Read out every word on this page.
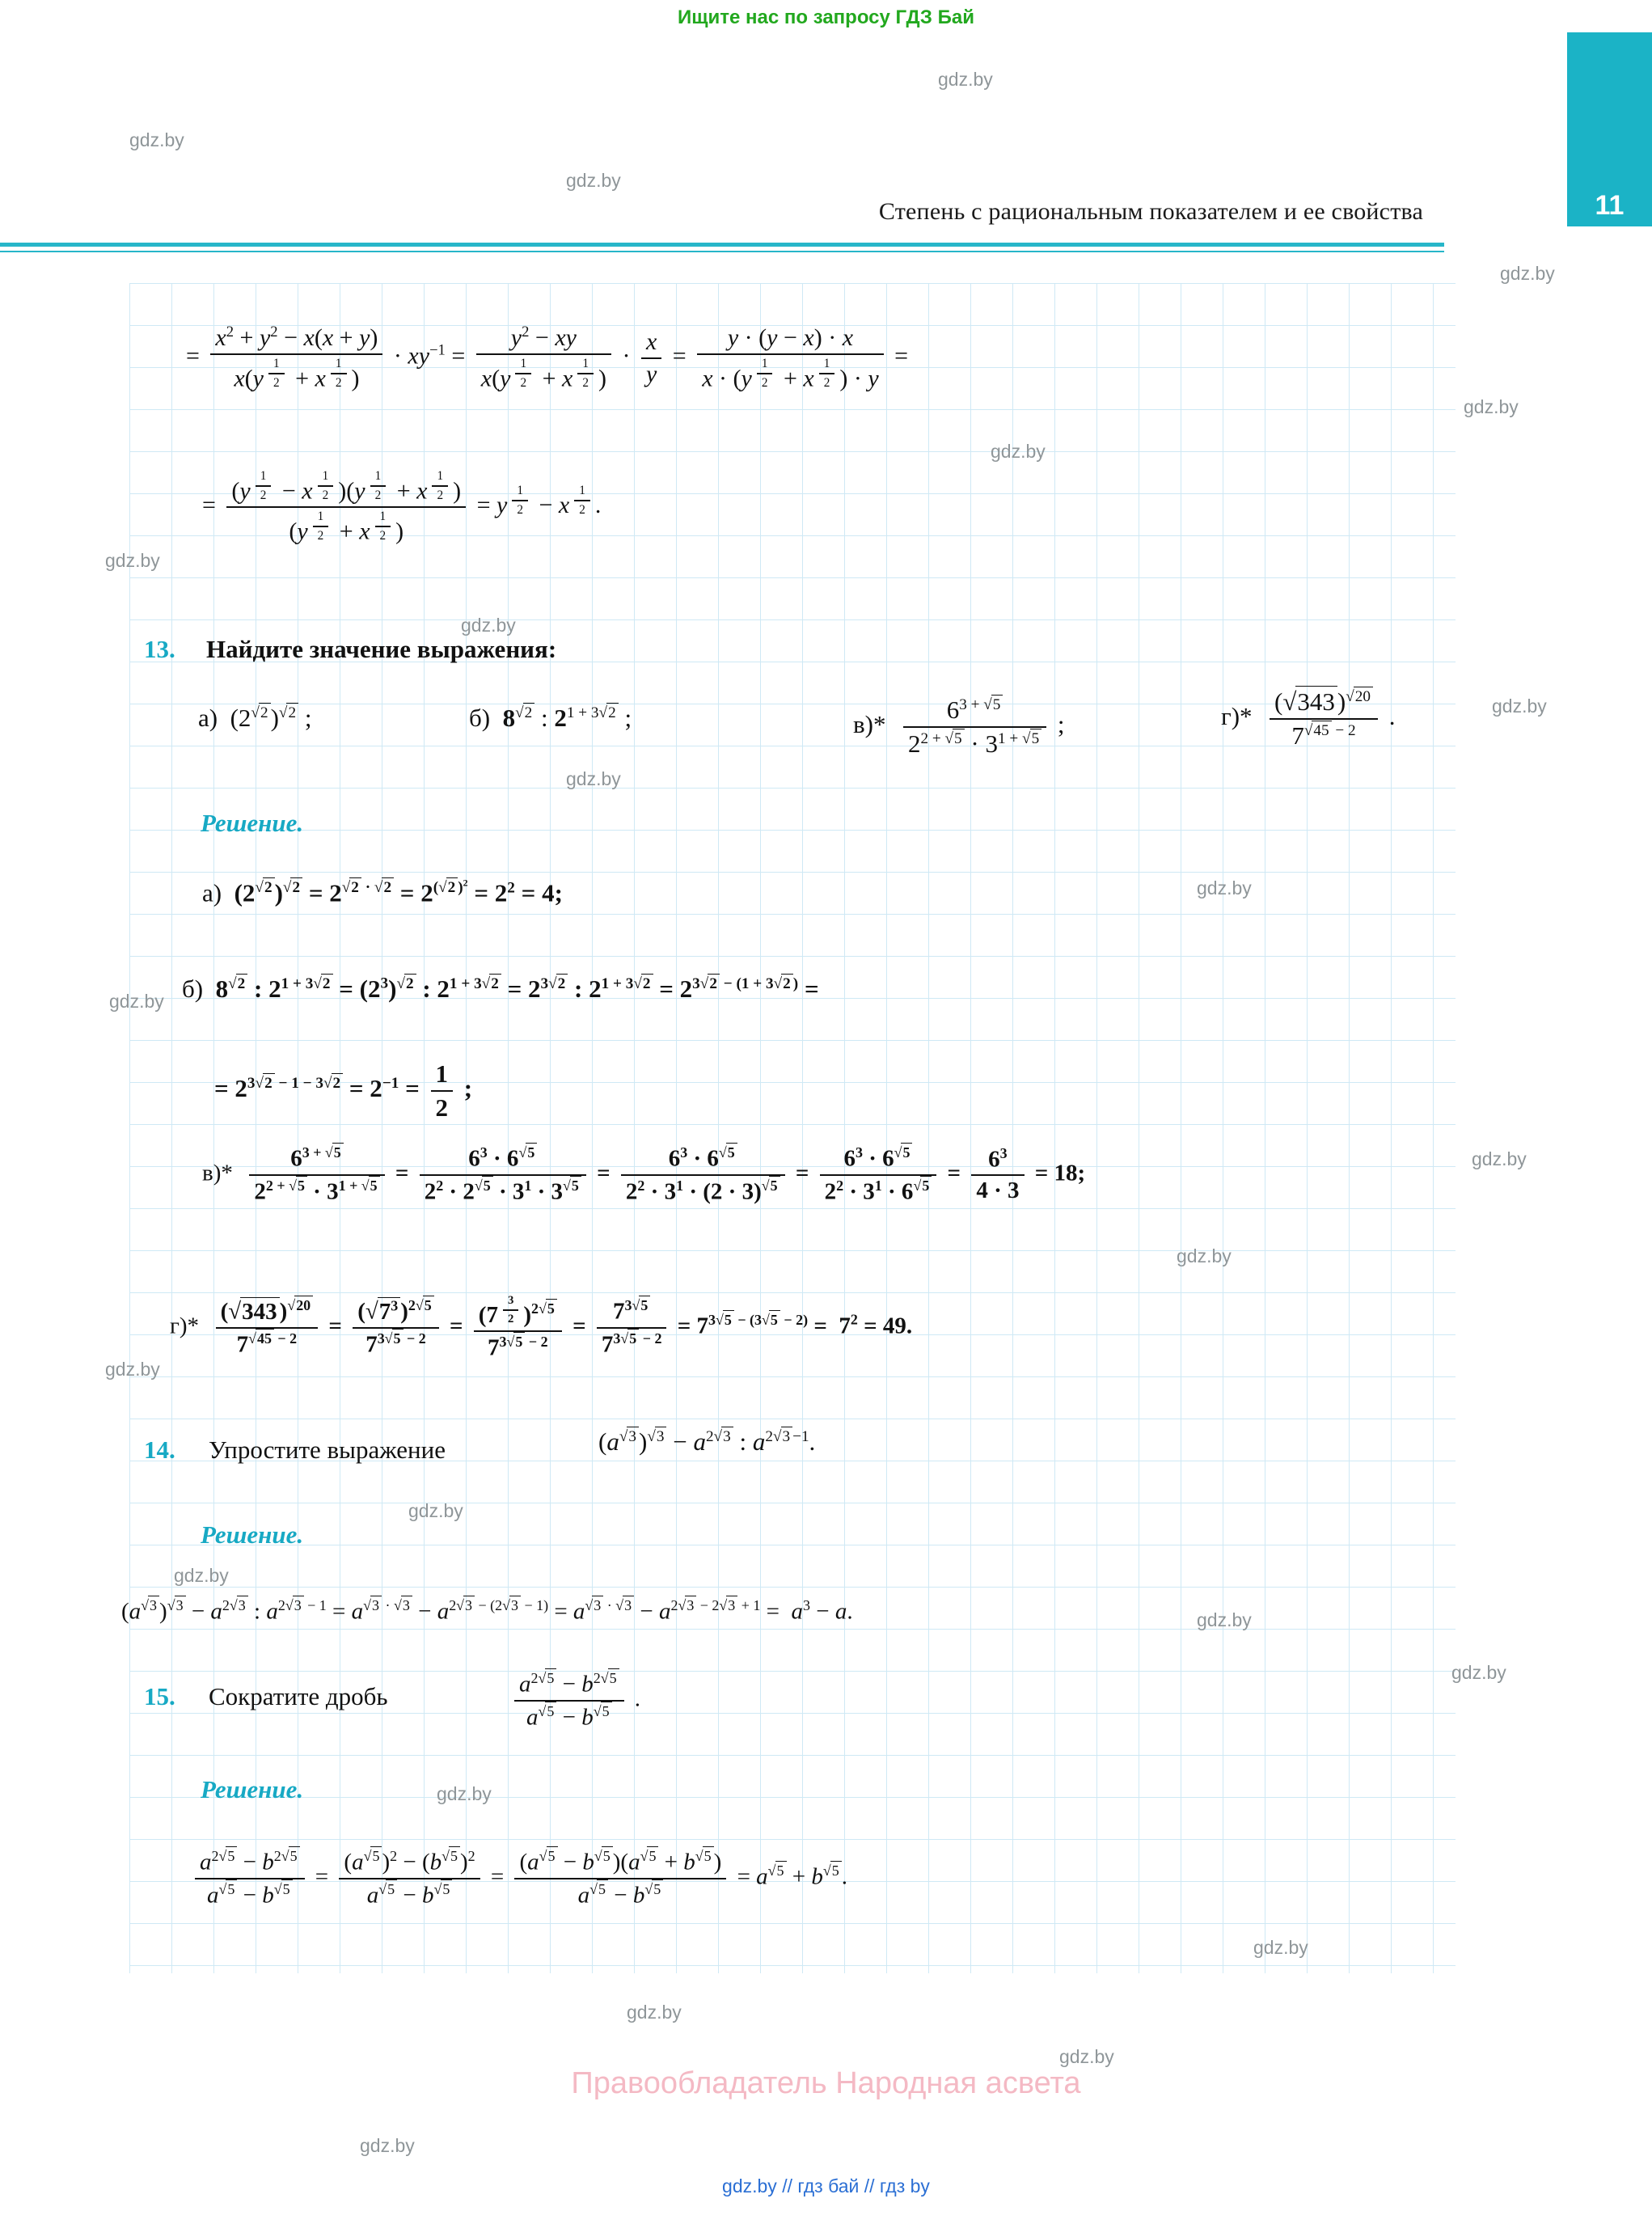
Ищите нас по запросу ГДЗ Бай
Степень с рациональным показателем и ее свойства	11
= $x^2 + y^2 - x(x + y)$
x(y $^{\frac{1}{2}}$ + x $^{\frac{1}{2}}$ ) · $xy^{-1} = y^2$ − xy
x(y $^{\frac{1}{2}}$ + x $^{\frac{1}{2}}$ ) · $\frac{x}{y} = y \cdot (y - x) \cdot x$
x · (y $^{\frac{1}{2}}$ + x $^{\frac{1}{2}}$ ) · y =
= (y $^{\frac{1}{2}}$ − x $^{\frac{1}{2}}$ )(y $^{\frac{1}{2}}$ + x $^{\frac{1}{2}}$ )
(y $^{\frac{1}{2}}$ + x $^{\frac{1}{2}}$ ) = y $^{\frac{1}{2}}$ − x $^{\frac{1}{2}}$ .
13. Найдите значение выражения:
а)  $(2^{√2})^{√2}$ ;	б) $8^{√2}$ : $2^{1 + 3√2}$ ;	$в)* \frac{6^{3 + √5}}{2^{2 + √5} \cdot 3^{1 + √5}}$ ;	$г)* \frac{(√343)^{√20}}{7^{√45 - 2}}$ .
Решение.
а)  $(2^{√2})^{√2} = 2^{√2 \cdot √2} = 2^{(√2 )^2} = 2^2 = 4$;
б)  $8^{√2}$ : $2^{1 + 3√2} = (2^3)^{√2}$ : $2^{1 + 3√2} = 2^{3√2}$ : $2^{1 + 3√2} = 2^{3√2 - (1 + 3√2 )}$ =
= $2^{3√2 - 1 - 3√2} = 2^{-1} = \frac{1}{2}$ ;
$в)* \frac{6^{3 + √5}}{2^{2 + √5} \cdot 3^{1 + √5}} = \frac{6^3 \cdot 6^{√5}}{2^2 \cdot 2^{√5} \cdot 3^1 \cdot 3^{√5}} = \frac{6^3 \cdot 6^{√5}}{2^2 \cdot 3^1 \cdot (2 \cdot 3)^{√5}} = \frac{6^3 \cdot 6^{√5}}{2^2 \cdot 3^1 \cdot 6^{√5}} = \frac{6^3}{4 \cdot 3} = 18$;
$г)* \frac{(√343 )^{√20}}{7^{√45 - 2}} = \frac{(√7^3 )^{2√5}}{7^{3√5 - 2}} = (7$ $^{\frac{3}{2}}$ )$^{2√5}$
$7^{3√5 - 2} = \frac{7^{3√5}}{7^{3√5 - 2}} = 7^{3√5 - (3√5 - 2)} = 7^2 = 49$.
14. Упростите выражение	$(a^{√3})^{√3} - a^{2√3}$ : $a^{2√3 -1}$.
Решение.
($a^{√3}$ )$^{√3} - a^{2√3}$ : $a^{2√3 - 1} = a^{√3 \cdot √3} - a^{2√3 - (2√3 - 1)} = a^{√3 \cdot √3} - a^{2√3 - 2√3 + 1} = a^3 - a$.
15. Сократите дробь	$\frac{a^{2√5} - b^{2√5}}{a^{√5} - b^{√5}}$ .
Решение.
$\frac{a^{2√5} - b^{2√5}}{a^{√5} - b^{√5}} = \frac{(a^{√5} )^2 - (b^{√5} )^2}{a^{√5} - b^{√5}} = \frac{(a^{√5} - b^{√5} )(a^{√5} + b^{√5} )}{a^{√5} - b^{√5}} = a^{√5} + b^{√5}$ .
gdz.by
gdz.by
gdz.by
gdz.by
gdz.by
gdz.by
gdz.by
gdz.by
gdz.by
gdz.by
gdz.by
gdz.by
gdz.by
gdz.by
gdz.by
gdz.by
gdz.by
gdz.by
gdz.by
gdz.by
gdz.by
gdz.by
gdz.by
gdz.by
Правообладатель Народная асвета
gdz.by // гдз бай // гдз by
